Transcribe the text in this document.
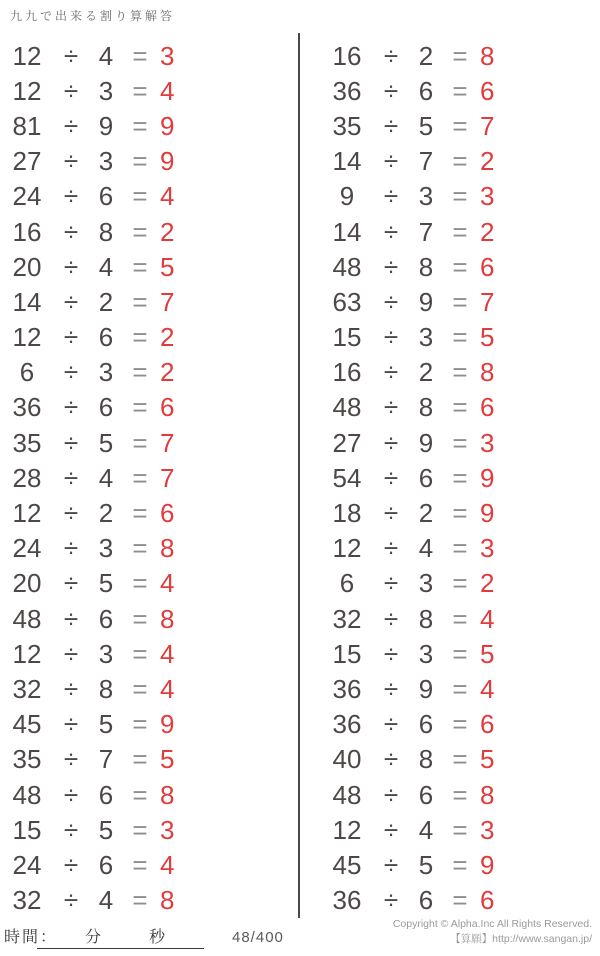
九九で出来る割り算解答
12 ÷ 4 = 3
12 ÷ 3 = 4
81 ÷ 9 = 9
27 ÷ 3 = 9
24 ÷ 6 = 4
16 ÷ 8 = 2
20 ÷ 4 = 5
14 ÷ 2 = 7
12 ÷ 6 = 2
6	÷ 3 = 2
36 ÷ 6 = 6
35 ÷ 5 = 7
28 ÷ 4 = 7
12 ÷ 2 = 6
24 ÷ 3 = 8
20 ÷ 5 = 4
48 ÷ 6 = 8
12 ÷ 3 = 4
32 ÷ 8 = 4
45 ÷ 5 = 9
35 ÷ 7 = 5
48 ÷ 6 = 8
15 ÷ 5 = 3
24 ÷ 6 = 4
32 ÷ 4 = 8
16 ÷ 2 = 8
36 ÷ 6 = 6
35 ÷ 5 = 7
14 ÷ 7 = 2
9	÷ 3 = 3
14 ÷ 7 = 2
48 ÷ 8 = 6
63 ÷ 9 = 7
15 ÷ 3 = 5
16 ÷ 2 = 8
48 ÷ 8 = 6
27 ÷ 9 = 3
54 ÷ 6 = 9
18 ÷ 2 = 9
12 ÷ 4 = 3
6	÷ 3 = 2
32 ÷ 8 = 4
15 ÷ 3 = 5
36 ÷ 9 = 4
36 ÷ 6 = 6
40 ÷ 8 = 5
48 ÷ 6 = 8
12 ÷ 4 = 3
45 ÷ 5 = 9
36 ÷ 6 = 6
時間： 分	秒	48/400
Copyright © Alpha.Inc All Rights Reserved.
【算願】http://www.sangan.jp/
